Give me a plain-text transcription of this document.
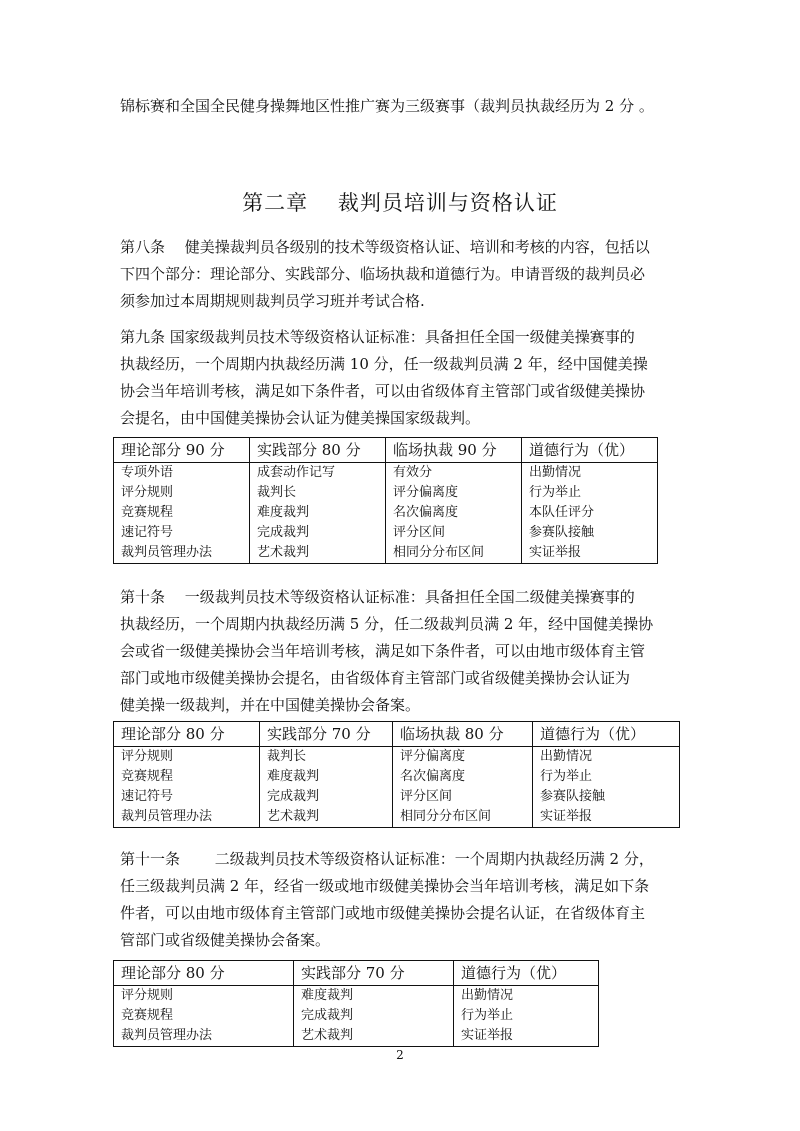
锦标赛和全国全民健身操舞地区性推广赛为三级赛事（裁判员执裁经历为 2 分 。
第二章　 裁判员培训与资格认证
第八条　 健美操裁判员各级别的技术等级资格认证、培训和考核的内容，包括以
下四个部分：理论部分、实践部分、临场执裁和道德行为。申请晋级的裁判员必
须参加过本周期规则裁判员学习班并考试合格.
第九条 国家级裁判员技术等级资格认证标准：具备担任全国一级健美操赛事的
执裁经历，一个周期内执裁经历满 10 分，任一级裁判员满 2 年，经中国健美操
协会当年培训考核，满足如下条件者，可以由省级体育主管部门或省级健美操协
会提名，由中国健美操协会认证为健美操国家级裁判。
理论部分 90 分	实践部分 80 分	临场执裁 90 分	道德行为（优）
专项外语	成套动作记写	有效分	出勤情况
评分规则	裁判长	评分偏离度	行为举止
竞赛规程	难度裁判	名次偏离度	本队任评分
速记符号	完成裁判	评分区间	参赛队接触
裁判员管理办法	艺术裁判	相同分分布区间	实证举报
第十条　 一级裁判员技术等级资格认证标准：具备担任全国二级健美操赛事的
执裁经历，一个周期内执裁经历满 5 分，任二级裁判员满 2 年，经中国健美操协
会或省一级健美操协会当年培训考核，满足如下条件者，可以由地市级体育主管
部门或地市级健美操协会提名，由省级体育主管部门或省级健美操协会认证为
健美操一级裁判，并在中国健美操协会备案。
理论部分 80 分	实践部分 70 分	临场执裁 80 分	道德行为（优）
评分规则	裁判长	评分偏离度	出勤情况
竞赛规程	难度裁判	名次偏离度	行为举止
速记符号	完成裁判	评分区间	参赛队接触
裁判员管理办法	艺术裁判	相同分分布区间	实证举报
第十一条　　 二级裁判员技术等级资格认证标准：一个周期内执裁经历满 2 分，
任三级裁判员满 2 年，经省一级或地市级健美操协会当年培训考核，满足如下条
件者，可以由地市级体育主管部门或地市级健美操协会提名认证，在省级体育主
管部门或省级健美操协会备案。
理论部分 80 分	实践部分 70 分	道德行为（优）
评分规则	难度裁判	出勤情况
竞赛规程	完成裁判	行为举止
裁判员管理办法	艺术裁判	实证举报
2
